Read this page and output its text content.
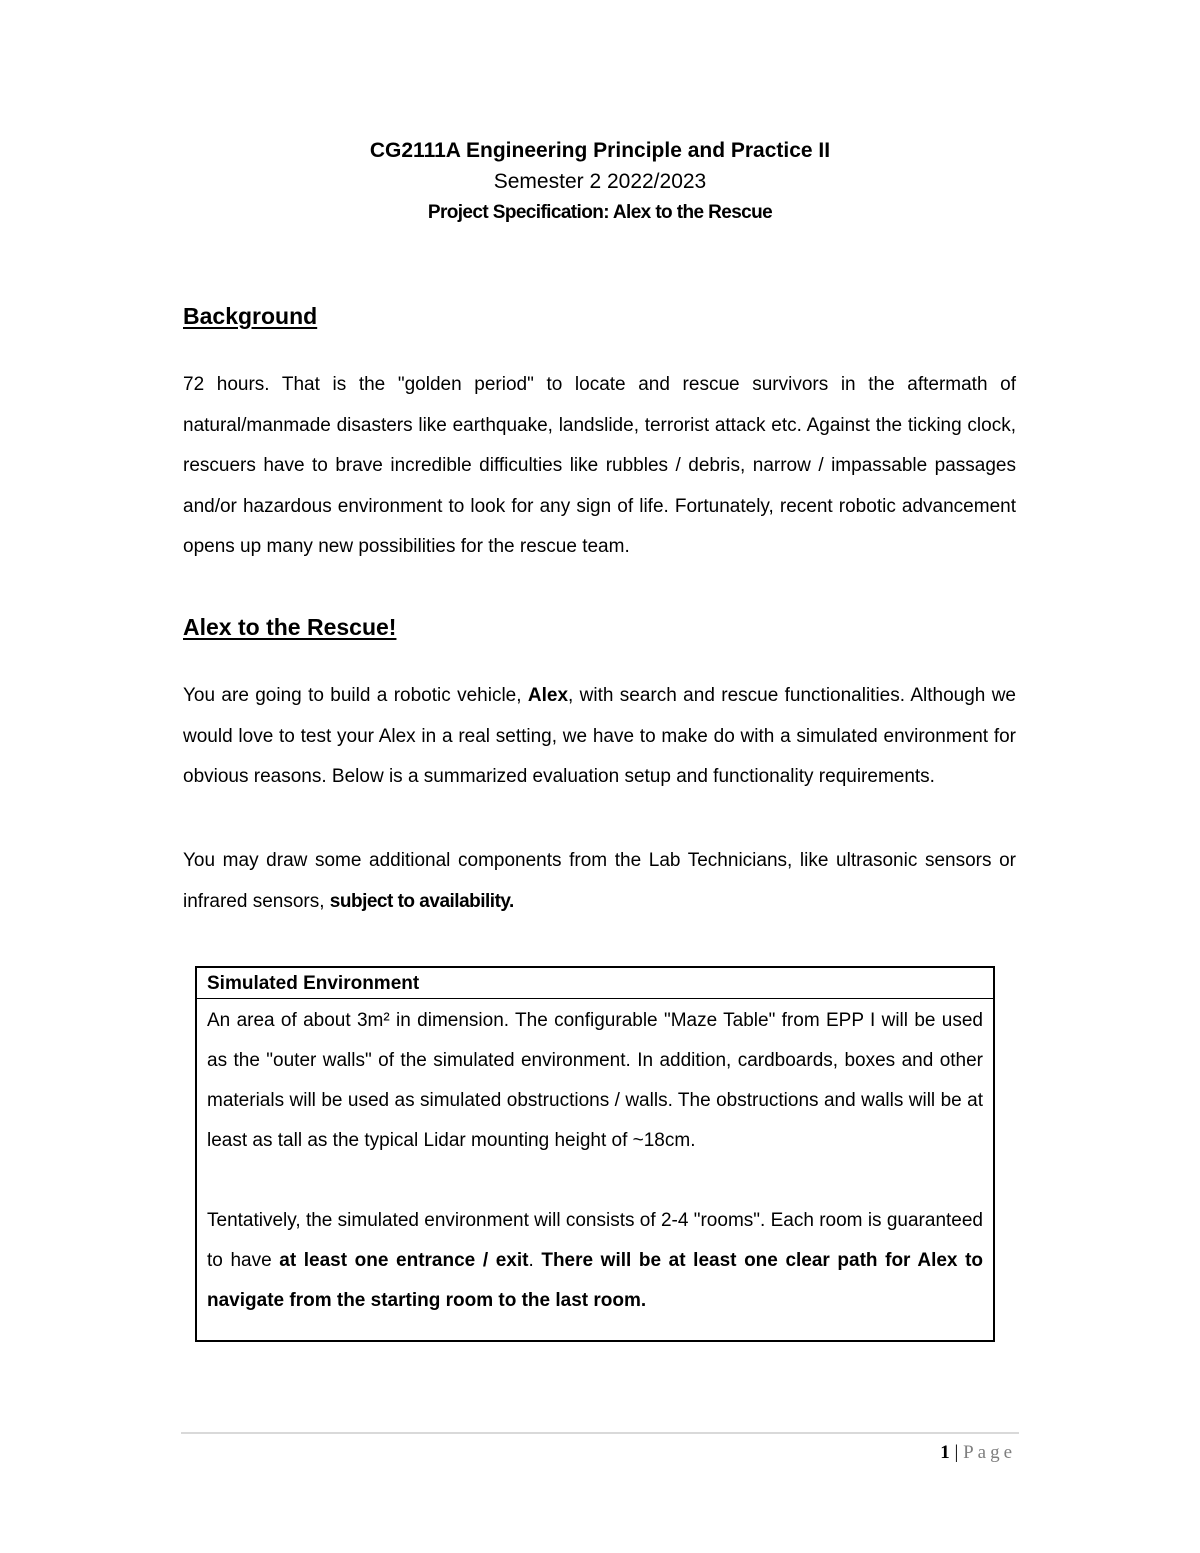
CG2111A Engineering Principle and Practice II
Semester 2 2022/2023
Project Specification: Alex to the Rescue
Background
72 hours. That is the "golden period" to locate and rescue survivors in the aftermath of natural/manmade disasters like earthquake, landslide, terrorist attack etc. Against the ticking clock, rescuers have to brave incredible difficulties like rubbles / debris, narrow / impassable passages and/or hazardous environment to look for any sign of life. Fortunately, recent robotic advancement opens up many new possibilities for the rescue team.
Alex to the Rescue!
You are going to build a robotic vehicle, Alex, with search and rescue functionalities. Although we would love to test your Alex in a real setting, we have to make do with a simulated environment for obvious reasons. Below is a summarized evaluation setup and functionality requirements.
You may draw some additional components from the Lab Technicians, like ultrasonic sensors or infrared sensors, subject to availability.
Simulated Environment

An area of about 3m² in dimension. The configurable "Maze Table" from EPP I will be used as the "outer walls" of the simulated environment. In addition, cardboards, boxes and other materials will be used as simulated obstructions / walls. The obstructions and walls will be at least as tall as the typical Lidar mounting height of ~18cm.

Tentatively, the simulated environment will consists of 2-4 "rooms". Each room is guaranteed to have at least one entrance / exit. There will be at least one clear path for Alex to navigate from the starting room to the last room.

1 | Page
